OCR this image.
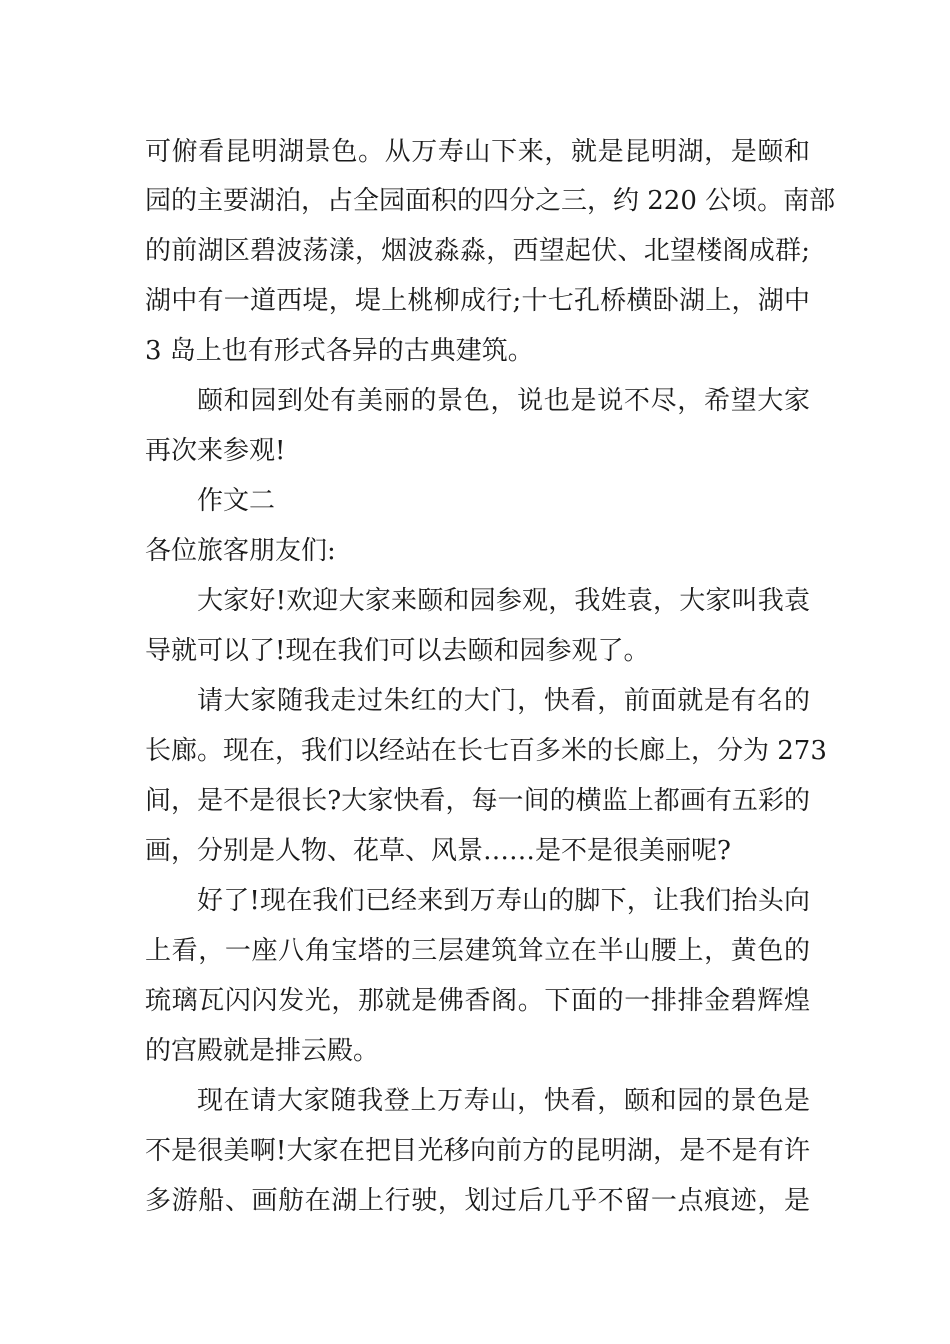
可俯看昆明湖景色。从万寿山下来，就是昆明湖，是颐和
园的主要湖泊，占全园面积的四分之三，约 220 公顷。南部
的前湖区碧波荡漾，烟波淼淼，西望起伏、北望楼阁成群;
湖中有一道西堤，堤上桃柳成行;十七孔桥横卧湖上，湖中
3 岛上也有形式各异的古典建筑。
颐和园到处有美丽的景色，说也是说不尽，希望大家
再次来参观!
作文二
各位旅客朋友们:
大家好!欢迎大家来颐和园参观，我姓袁，大家叫我袁
导就可以了!现在我们可以去颐和园参观了。
请大家随我走过朱红的大门，快看，前面就是有名的
长廊。现在，我们以经站在长七百多米的长廊上，分为 273
间，是不是很长?大家快看，每一间的横监上都画有五彩的
画，分别是人物、花草、风景……是不是很美丽呢?
好了!现在我们已经来到万寿山的脚下，让我们抬头向
上看，一座八角宝塔的三层建筑耸立在半山腰上，黄色的
琉璃瓦闪闪发光，那就是佛香阁。下面的一排排金碧辉煌
的宫殿就是排云殿。
现在请大家随我登上万寿山，快看，颐和园的景色是
不是很美啊!大家在把目光移向前方的昆明湖，是不是有许
多游船、画舫在湖上行驶，划过后几乎不留一点痕迹，是
